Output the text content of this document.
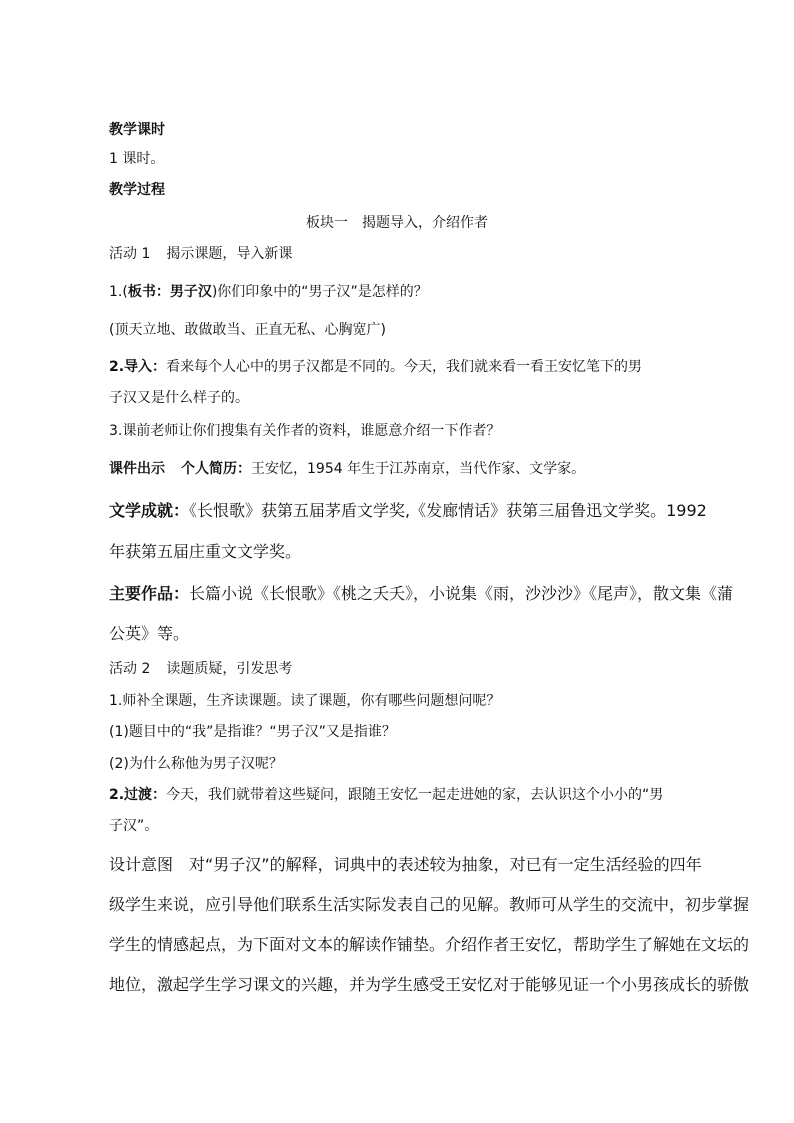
教学课时
1 课时。
教学过程
板块一　揭题导入，介绍作者
活动 1 揭示课题，导入新课
1.(板书：男子汉)你们印象中的“男子汉”是怎样的？
(顶天立地、敢做敢当、正直无私、心胸宽广)
2.导入：看来每个人心中的男子汉都是不同的。今天，我们就来看一看王安忆笔下的男
子汉又是什么样子的。
3.课前老师让你们搜集有关作者的资料，谁愿意介绍一下作者？
课件出示 个人简历：王安忆，1954 年生于江苏南京，当代作家、文学家。
文学成就：《长恨歌》获第五届茅盾文学奖,《发廊情话》获第三届鲁迅文学奖。1992
年获第五届庄重文文学奖。
主要作品：长篇小说《长恨歌》《桃之夭夭》，小说集《雨，沙沙沙》《尾声》，散文集《蒲
公英》等。
活动 2 读题质疑，引发思考
1.师补全课题，生齐读课题。读了课题，你有哪些问题想问呢？
(1)题目中的“我”是指谁？“男子汉”又是指谁？
(2)为什么称他为男子汉呢？
2.过渡：今天，我们就带着这些疑问，跟随王安忆一起走进她的家，去认识这个小小的“男
子汉”。
设计意图 对“男子汉”的解释，词典中的表述较为抽象，对已有一定生活经验的四年
级学生来说，应引导他们联系生活实际发表自己的见解。教师可从学生的交流中，初步掌握
学生的情感起点，为下面对文本的解读作铺垫。介绍作者王安忆，帮助学生了解她在文坛的
地位，激起学生学习课文的兴趣，并为学生感受王安忆对于能够见证一个小男孩成长的骄傲
